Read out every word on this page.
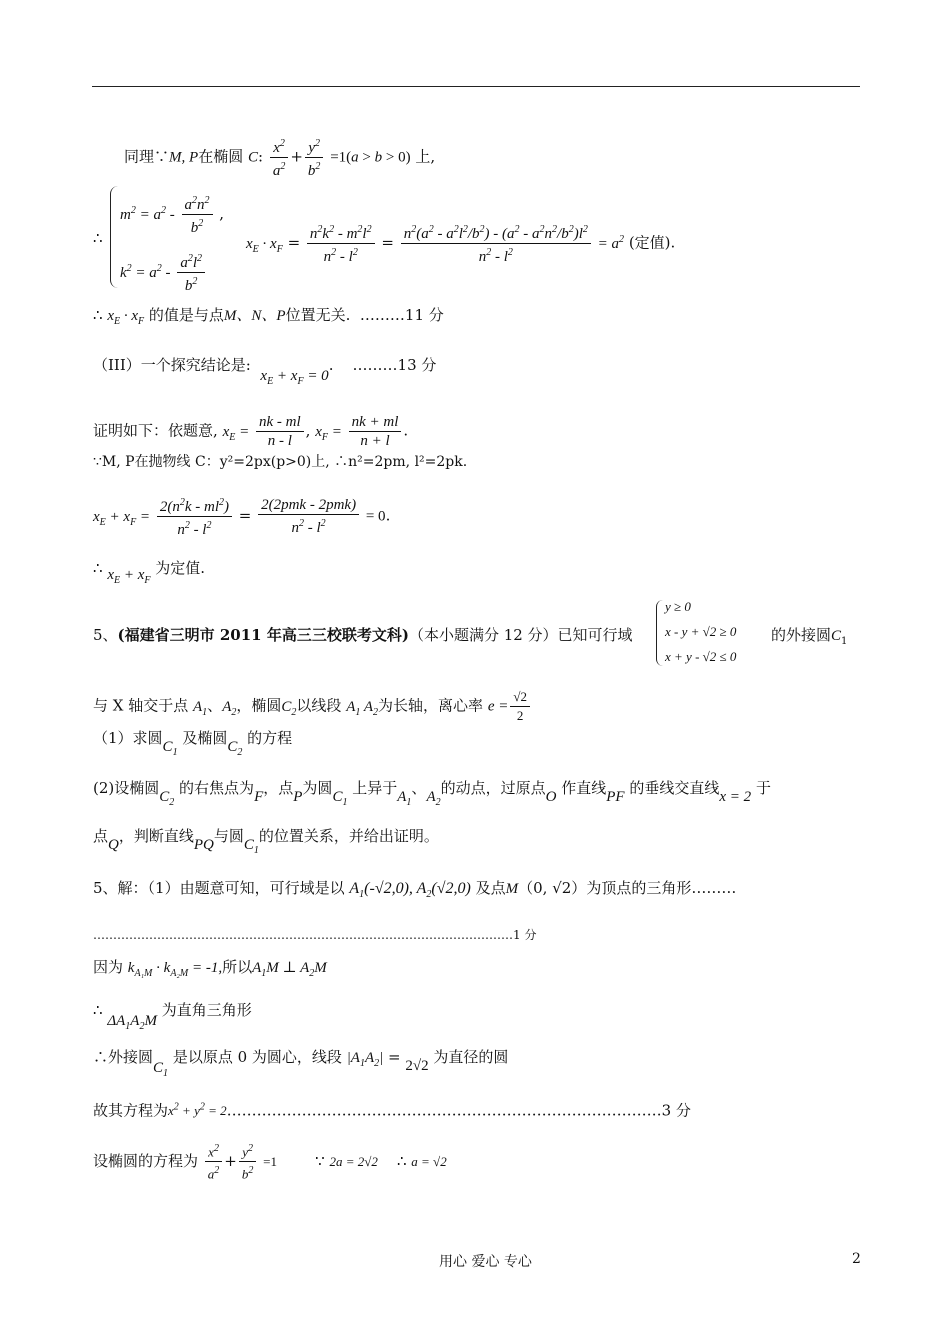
同理∵M, P在椭圆 C: $\frac{x^2}{a^2} + \frac{y^2}{b^2} =1(a > b > 0)$ 上,
∴
$m^2 = a^2 - \frac{a^2n^2}{b^2}$ ,
$k^2 = a^2 - \frac{a^2l^2}{b^2}$
$x_E \cdot x_F = \frac{n^2k^2 - m^2l^2}{n^2 - l^2} = \frac{n^2(a^2 - a^2l^2/b^2) - (a^2 - a^2n^2/b^2)l^2}{n^2 - l^2} = a^2$ (定值).
∴ $x_E \cdot x_F$ 的值是与点M、N、P位置无关. ………11 分
（III）一个探究结论是:  $x_E + x_F = 0$.    ………13 分
证明如下：依题意, $x_E = \frac{nk - ml}{n - l}$ , $x_F = \frac{nk + ml}{n + l}$ .
∵M, P在抛物线 C：y²=2px(p>0)上, ∴n²=2pm, l²=2pk.
$x_E + x_F = \frac{2(n^2k - ml^2)}{n^2 - l^2} = \frac{\text{2(2pmk - 2pmk)}}{n^2 - l^2} = 0$.
∴ $x_E + x_F$ 为定值.
5、(福建省三明市 2011 年高三三校联考文科)（本小题满分 12 分）已知可行域
y ≥ 0
x - y + √2 ≥ 0
x + y - √2 ≤ 0
的外接圆$C_1$
与 X 轴交于点 $A_1$、$A_2$，椭圆$C_2$以线段 $A_1$ $A_2$为长轴，离心率 $e = \frac{√2}{2}$
（1）求圆$C_1$ 及椭圆$C_2$ 的方程
(2)设椭圆$C_2$ 的右焦点为F，点P为圆$C_1$ 上异于$A_1$、$A_2$的动点，过原点O 作直线PF 的垂线交直线x = 2 于
点Q，判断直线PQ与圆$C_1$的位置关系，并给出证明。
5、解：（1）由题意可知，可行域是以 $A_1(-√2,0)$, $A_2(√2,0)$ 及点M（0, √2）为顶点的三角形………
……………………………………………………………………………………………1 分
因为 $k_{A_1M} \cdot k_{A_2M} = -1$,所以$A_1M$ ⊥ $A_2M$
∴ $\Delta A_1A_2M$ 为直角三角形
∴外接圆$C_1$ 是以原点 0 为圆心，线段 $|A_1A_2| = 2√2$ 为直径的圆
故其方程为$x^2 + y^2$ = 2……………………………………………………………………………3 分
设椭圆的方程为 $\frac{x^2}{a^2} + \frac{y^2}{b^2} =1$        ∵ 2a = 2√2    ∴ a = √2
用心 爱心 专心	2
